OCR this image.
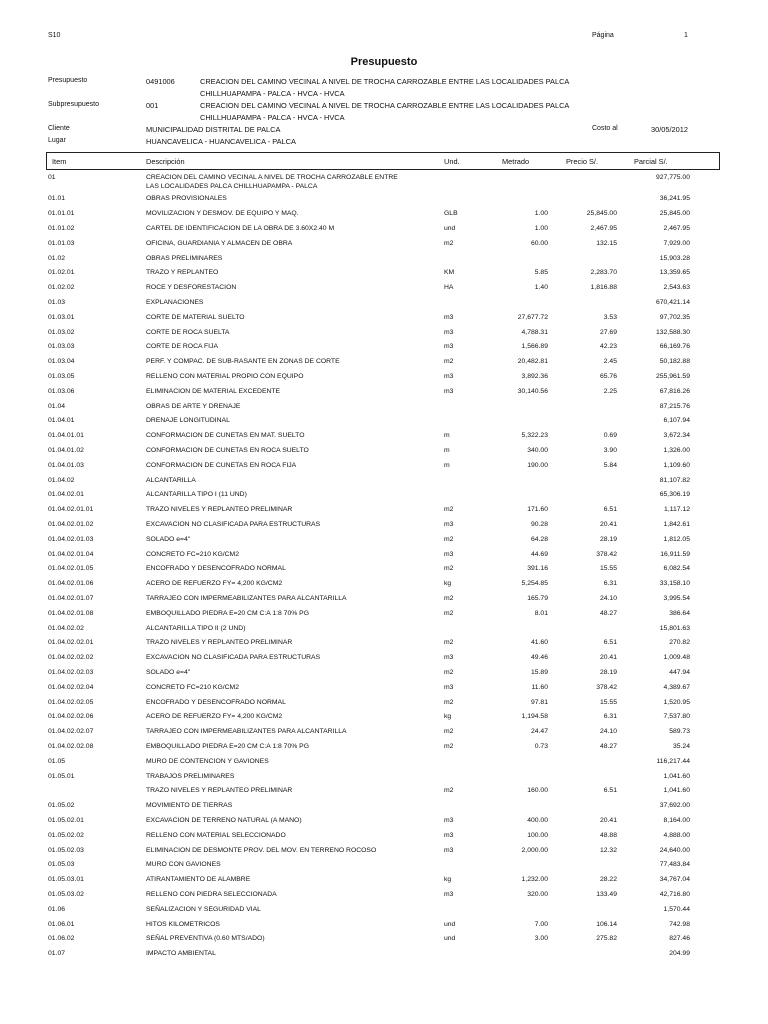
S10	Página	1
Presupuesto
Presupuesto	0491006	CREACION DEL CAMINO VECINAL A NIVEL DE TROCHA CARROZABLE ENTRE LAS LOCALIDADES PALCA
CHILLHUAPAMPA - PALCA - HVCA - HVCA
Subpresupuesto	001	CREACION DEL CAMINO VECINAL A NIVEL DE TROCHA CARROZABLE ENTRE LAS LOCALIDADES PALCA
CHILLHUAPAMPA - PALCA - HVCA - HVCA
Cliente	MUNICIPALIDAD DISTRITAL DE PALCA	Costo al	30/05/2012
Lugar	HUANCAVELICA - HUANCAVELICA - PALCA
Item	Descripción	Und.	Metrado	Precio S/.	Parcial S/.
01	CREACION DEL CAMINO VECINAL A NIVEL DE TROCHA CARROZABLE ENTRE	927,775.00
LAS LOCALIDADES PALCA CHILLHUAPAMPA - PALCA
01.01	OBRAS PROVISIONALES	36,241.95
01.01.01	MOVILIZACION Y DESMOV. DE EQUIPO Y MAQ.	GLB	1.00	25,845.00	25,845.00
01.01.02	CARTEL DE IDENTIFICACION DE LA OBRA DE 3.60X2.40 M	und	1.00	2,467.95	2,467.95
01.01.03	OFICINA, GUARDIANIA Y ALMACEN DE OBRA	m2	60.00	132.15	7,929.00
01.02	OBRAS PRELIMINARES	15,903.28
01.02.01	TRAZO Y REPLANTEO	KM	5.85	2,283.70	13,359.65
01.02.02	ROCE Y DESFORESTACION	HA	1.40	1,816.88	2,543.63
01.03	EXPLANACIONES	670,421.14
01.03.01	CORTE DE MATERIAL SUELTO	m3	27,677.72	3.53	97,702.35
01.03.02	CORTE DE ROCA SUELTA	m3	4,788.31	27.69	132,588.30
01.03.03	CORTE DE ROCA FIJA	m3	1,566.89	42.23	66,169.76
01.03.04	PERF. Y COMPAC. DE SUB-RASANTE EN ZONAS DE CORTE	m2	20,482.81	2.45	50,182.88
01.03.05	RELLENO CON MATERIAL PROPIO CON EQUIPO	m3	3,892.36	65.76	255,961.59
01.03.06	ELIMINACION DE MATERIAL EXCEDENTE	m3	30,140.56	2.25	67,816.26
01.04	OBRAS DE ARTE Y DRENAJE	87,215.76
01.04.01	DRENAJE LONGITUDINAL	6,107.94
01.04.01.01	CONFORMACION DE CUNETAS EN MAT. SUELTO	m	5,322.23	0.69	3,672.34
01.04.01.02	CONFORMACION DE CUNETAS EN ROCA SUELTO	m	340.00	3.90	1,326.00
01.04.01.03	CONFORMACION DE CUNETAS EN ROCA FIJA	m	190.00	5.84	1,109.60
01.04.02	ALCANTARILLA	81,107.82
01.04.02.01	ALCANTARILLA TIPO I (11 UND)	65,306.19
01.04.02.01.01	TRAZO NIVELES Y REPLANTEO PRELIMINAR	m2	171.60	6.51	1,117.12
01.04.02.01.02	EXCAVACION NO CLASIFICADA PARA ESTRUCTURAS	m3	90.28	20.41	1,842.61
01.04.02.01.03	SOLADO e=4"	m2	64.28	28.19	1,812.05
01.04.02.01.04	CONCRETO FC=210 KG/CM2	m3	44.69	378.42	16,911.59
01.04.02.01.05	ENCOFRADO Y DESENCOFRADO NORMAL	m2	391.16	15.55	6,082.54
01.04.02.01.06	ACERO DE REFUERZO FY= 4,200 KG/CM2	kg	5,254.85	6.31	33,158.10
01.04.02.01.07	TARRAJEO CON IMPERMEABILIZANTES PARA ALCANTARILLA	m2	165.79	24.10	3,995.54
01.04.02.01.08	EMBOQUILLADO PIEDRA E=20 CM C:A 1:8 70% PG	m2	8.01	48.27	386.64
01.04.02.02	ALCANTARILLA TIPO II (2 UND)	15,801.63
01.04.02.02.01	TRAZO NIVELES Y REPLANTEO PRELIMINAR	m2	41.60	6.51	270.82
01.04.02.02.02	EXCAVACION NO CLASIFICADA PARA ESTRUCTURAS	m3	49.46	20.41	1,009.48
01.04.02.02.03	SOLADO e=4"	m2	15.89	28.19	447.94
01.04.02.02.04	CONCRETO FC=210 KG/CM2	m3	11.60	378.42	4,389.67
01.04.02.02.05	ENCOFRADO Y DESENCOFRADO NORMAL	m2	97.81	15.55	1,520.95
01.04.02.02.06	ACERO DE REFUERZO FY= 4,200 KG/CM2	kg	1,194.58	6.31	7,537.80
01.04.02.02.07	TARRAJEO CON IMPERMEABILIZANTES PARA ALCANTARILLA	m2	24.47	24.10	589.73
01.04.02.02.08	EMBOQUILLADO PIEDRA E=20 CM C:A 1:8 70% PG	m2	0.73	48.27	35.24
01.05	MURO DE CONTENCION Y GAVIONES	116,217.44
01.05.01	TRABAJOS PRELIMINARES	1,041.60
TRAZO NIVELES Y REPLANTEO PRELIMINAR	m2	160.00	6.51	1,041.60
01.05.02	MOVIMIENTO DE TIERRAS	37,692.00
01.05.02.01	EXCAVACION DE TERRENO NATURAL (A MANO)	m3	400.00	20.41	8,164.00
01.05.02.02	RELLENO CON MATERIAL SELECCIONADO	m3	100.00	48.88	4,888.00
01.05.02.03	ELIMINACION DE DESMONTE PROV. DEL MOV. EN TERRENO ROCOSO	m3	2,000.00	12.32	24,640.00
01.05.03	MURO CON GAVIONES	77,483.84
01.05.03.01	ATIRANTAMIENTO DE ALAMBRE	kg	1,232.00	28.22	34,767.04
01.05.03.02	RELLENO CON PIEDRA SELECCIONADA	m3	320.00	133.49	42,716.80
01.06	SEÑALIZACION Y SEGURIDAD VIAL	1,570.44
01.06.01	HITOS KILOMETRICOS	und	7.00	106.14	742.98
01.06.02	SEÑAL PREVENTIVA (0.60 MTS/ADO)	und	3.00	275.82	827.46
01.07	IMPACTO AMBIENTAL	204.99
